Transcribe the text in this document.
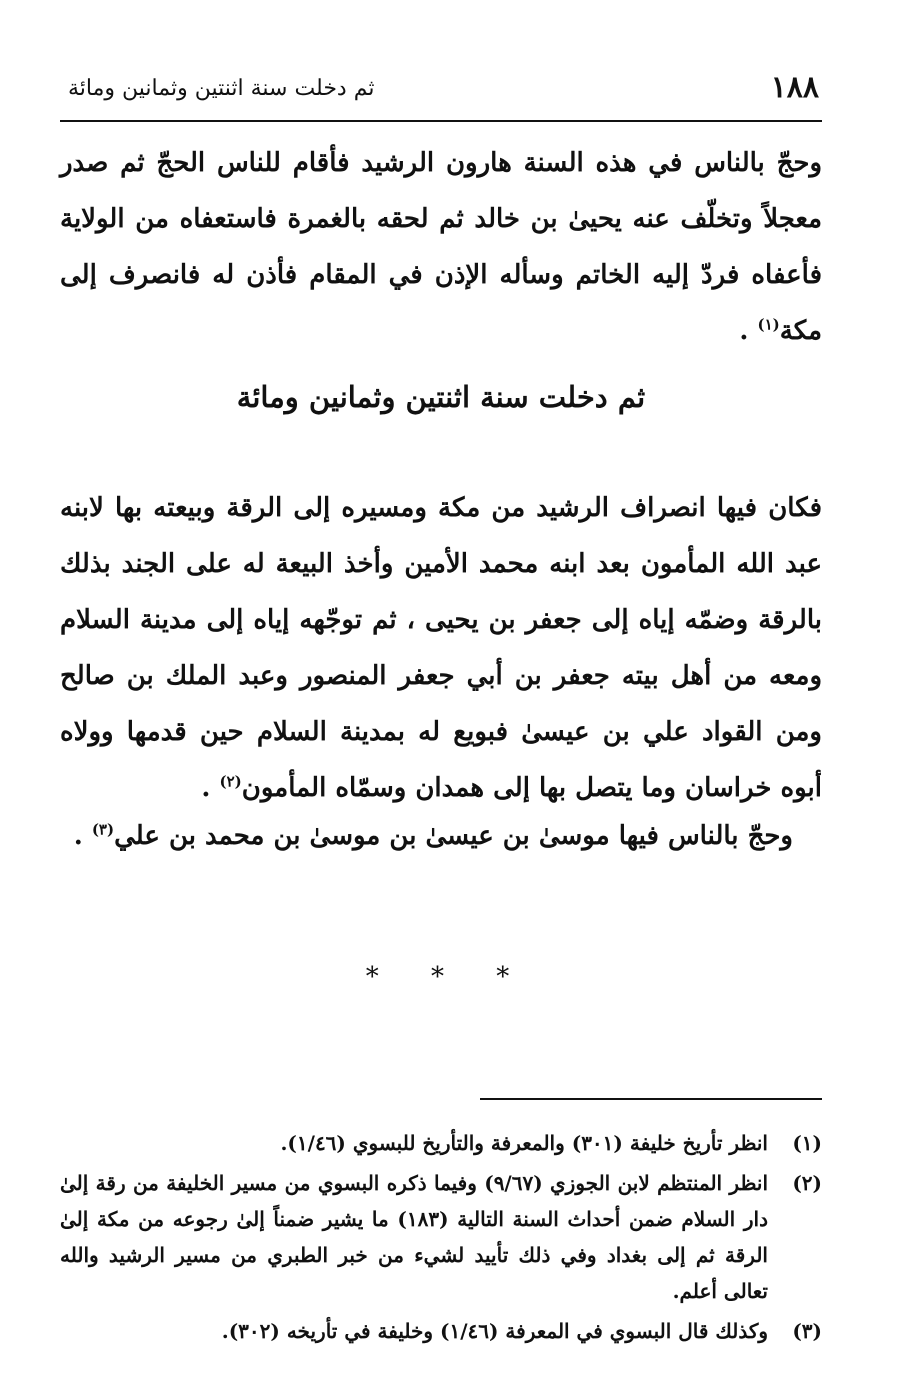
١٨٨
ثم دخلت سنة اثنتين وثمانين ومائة

وحجّ بالناس في هذه السنة هارون الرشيد فأقام للناس الحجّ ثم صدر معجلاً وتخلّف عنه يحيىٰ بن خالد ثم لحقه بالغمرة فاستعفاه من الولاية فأعفاه فردّ إليه الخاتم وسأله الإذن في المقام فأذن له فانصرف إلى مكة$^{(١)}$ .

ثم دخلت سنة اثنتين وثمانين ومائة

فكان فيها انصراف الرشيد من مكة ومسيره إلى الرقة وبيعته بها لابنه عبد الله المأمون بعد ابنه محمد الأمين وأخذ البيعة له على الجند بذلك بالرقة وضمّه إياه إلى جعفر بن يحيى ، ثم توجّهه إياه إلى مدينة السلام ومعه من أهل بيته جعفر بن أبي جعفر المنصور وعبد الملك بن صالح ومن القواد علي بن عيسىٰ فبويع له بمدينة السلام حين قدمها وولاه أبوه خراسان وما يتصل بها إلى همدان وسمّاه المأمون$^{(٢)}$ .

وحجّ بالناس فيها موسىٰ بن عيسىٰ بن موسىٰ بن محمد بن علي$^{(٣)}$ .

* * *
(١)
انظر تأريخ خليفة (٣٠١) والمعرفة والتأريخ للبسوي (١/٤٦).
(٢)
انظر المنتظم لابن الجوزي (٩/٦٧) وفيما ذكره البسوي من مسير الخليفة من رقة إلىٰ دار السلام ضمن أحداث السنة التالية (١٨٣) ما يشير ضمناً إلىٰ رجوعه من مكة إلىٰ الرقة ثم إلى بغداد وفي ذلك تأييد لشيء من خبر الطبري من مسير الرشيد والله تعالى أعلم.
(٣)
وكذلك قال البسوي في المعرفة (١/٤٦) وخليفة في تأريخه (٣٠٢).
